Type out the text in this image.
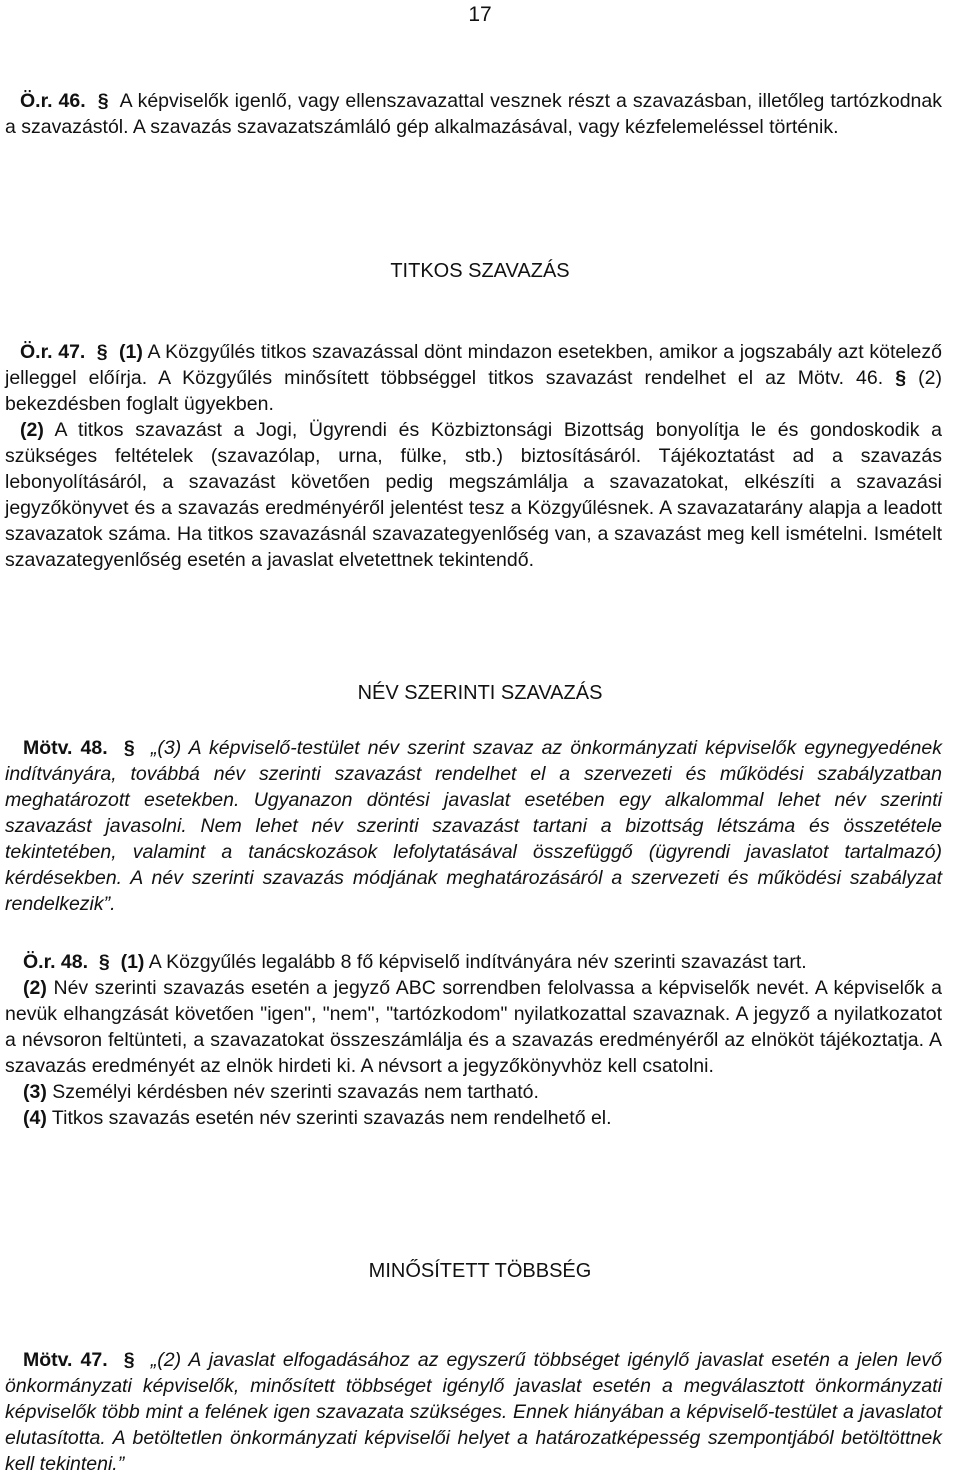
17
Ö.r. 46. § A képviselők igenlő, vagy ellenszavazattal vesznek részt a szavazásban, illetőleg tartózkodnak a szavazástól. A szavazás szavazatszámláló gép alkalmazásával, vagy kézfelemeléssel történik.
TITKOS SZAVAZÁS

Ö.r. 47. § (1) A Közgyűlés titkos szavazással dönt mindazon esetekben, amikor a jogszabály azt kötelező jelleggel előírja. A Közgyűlés minősített többséggel titkos szavazást rendelhet el az Mötv. 46. § (2) bekezdésben foglalt ügyekben.

(2) A titkos szavazást a Jogi, Ügyrendi és Közbiztonsági Bizottság bonyolítja le és gondoskodik a szükséges feltételek (szavazólap, urna, fülke, stb.) biztosításáról. Tájékoztatást ad a szavazás lebonyolításáról, a szavazást követően pedig megszámlálja a szavazatokat, elkészíti a szavazási jegyzőkönyvet és a szavazás eredményéről jelentést tesz a Közgyűlésnek. A szavazatarány alapja a leadott szavazatok száma. Ha titkos szavazásnál szavazategyenlőség van, a szavazást meg kell ismételni. Ismételt szavazategyenlőség esetén a javaslat elvetettnek tekintendő.

NÉV SZERINTI SZAVAZÁS
Mötv. 48. § „(3) A képviselő-testület név szerint szavaz az önkormányzati képviselők egynegyedének indítványára, továbbá név szerinti szavazást rendelhet el a szervezeti és működési szabályzatban meghatározott esetekben. Ugyanazon döntési javaslat esetében egy alkalommal lehet név szerinti szavazást javasolni. Nem lehet név szerinti szavazást tartani a bizottság létszáma és összetétele tekintetében, valamint a tanácskozások lefolytatásával összefüggő (ügyrendi javaslatot tartalmazó) kérdésekben. A név szerinti szavazás módjának meghatározásáról a szervezeti és működési szabályzat rendelkezik”.

Ö.r. 48. § (1) A Közgyűlés legalább 8 fő képviselő indítványára név szerinti szavazást tart.

(2) Név szerinti szavazás esetén a jegyző ABC sorrendben felolvassa a képviselők nevét. A képviselők a nevük elhangzását követően "igen", "nem", "tartózkodom" nyilatkozattal szavaznak. A jegyző a nyilatkozatot a névsoron feltünteti, a szavazatokat összeszámlálja és a szavazás eredményéről az elnököt tájékoztatja. A szavazás eredményét az elnök hirdeti ki. A névsort a jegyzőkönyvhöz kell csatolni.

(3) Személyi kérdésben név szerinti szavazás nem tartható.

(4) Titkos szavazás esetén név szerinti szavazás nem rendelhető el.

MINŐSÍTETT TÖBBSÉG
Mötv. 47. § „(2) A javaslat elfogadásához az egyszerű többséget igénylő javaslat esetén a jelen levő önkormányzati képviselők, minősített többséget igénylő javaslat esetén a megválasztott önkormányzati képviselők több mint a felének igen szavazata szükséges. Ennek hiányában a képviselő-testület a javaslatot elutasította. A betöltetlen önkormányzati képviselői helyet a határozatképesség szempontjából betöltöttnek kell tekinteni.”
